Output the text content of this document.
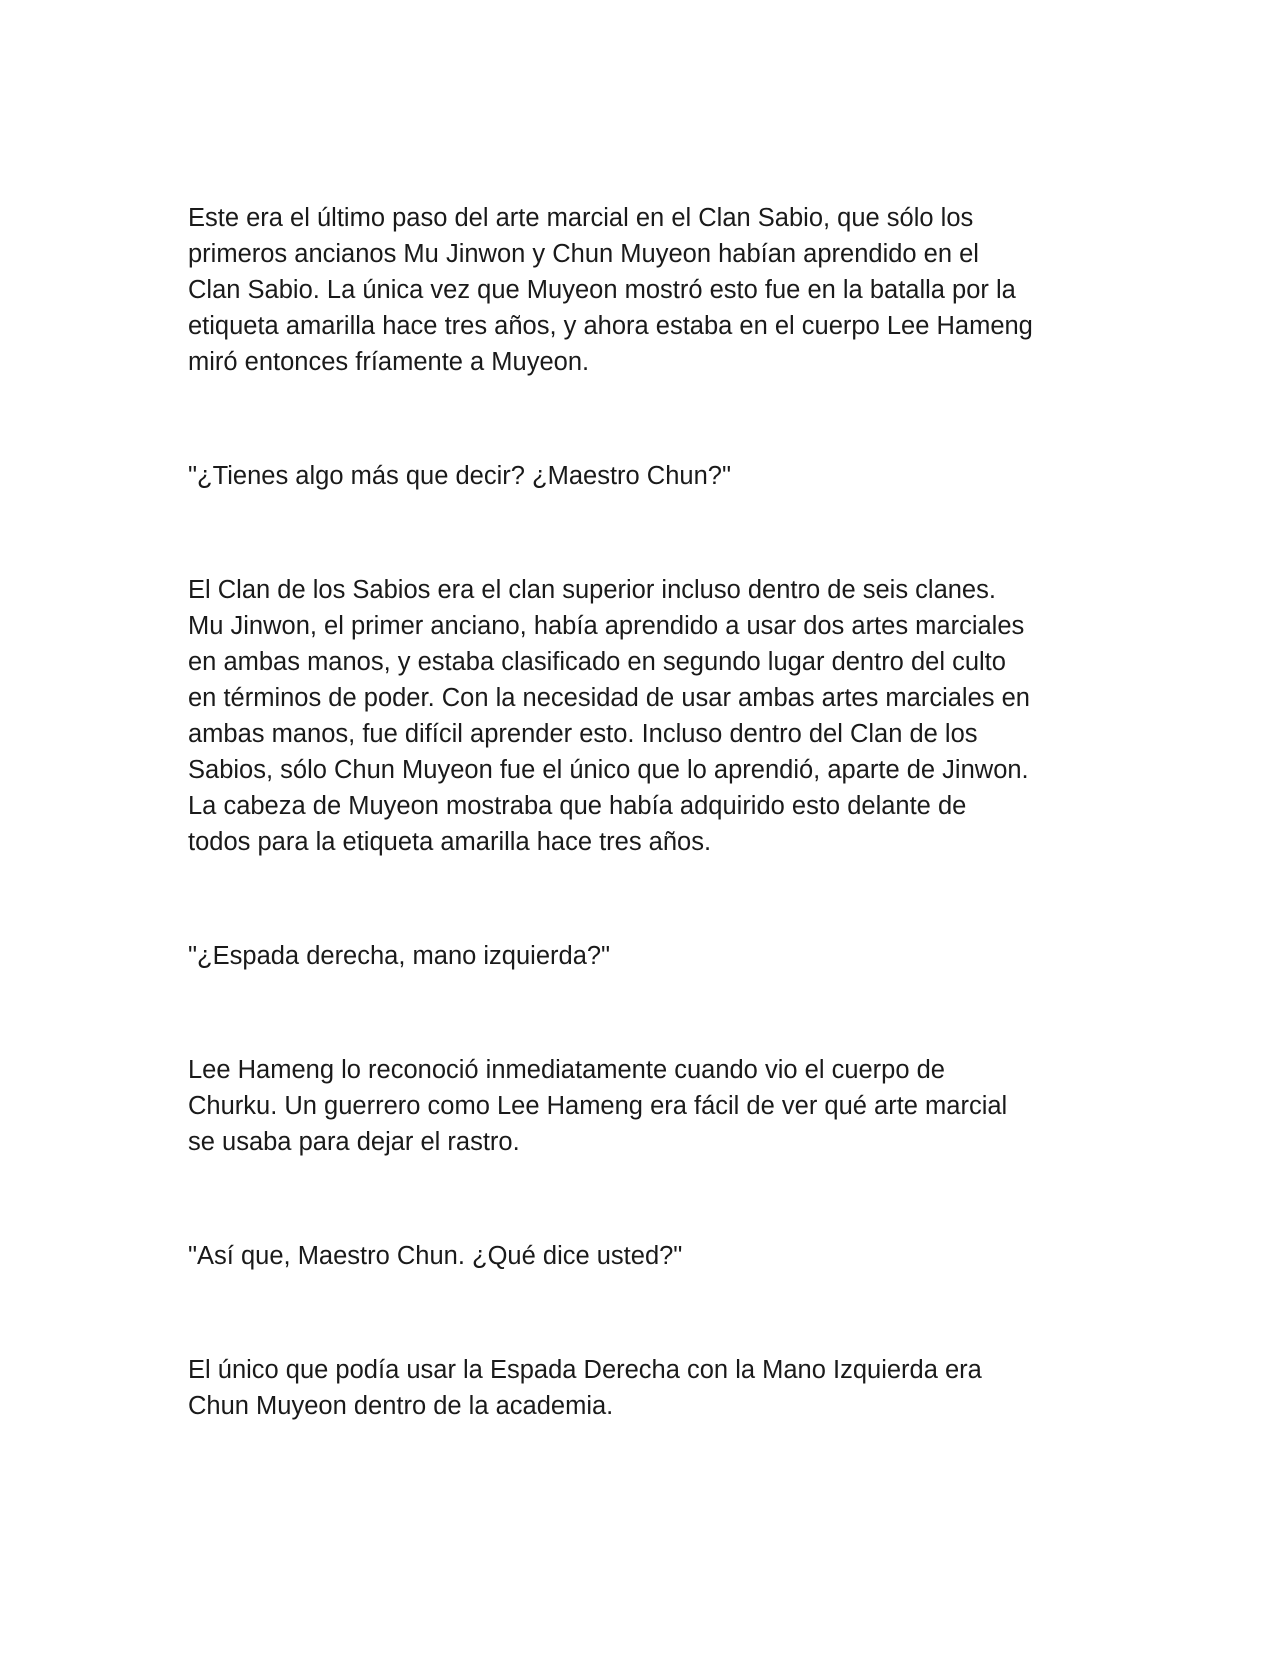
Este era el último paso del arte marcial en el Clan Sabio, que sólo los
primeros ancianos Mu Jinwon y Chun Muyeon habían aprendido en el
Clan Sabio. La única vez que Muyeon mostró esto fue en la batalla por la
etiqueta amarilla hace tres años, y ahora estaba en el cuerpo Lee Hameng
miró entonces fríamente a Muyeon.

"¿Tienes algo más que decir? ¿Maestro Chun?"

El Clan de los Sabios era el clan superior incluso dentro de seis clanes.
Mu Jinwon, el primer anciano, había aprendido a usar dos artes marciales
en ambas manos, y estaba clasificado en segundo lugar dentro del culto
en términos de poder. Con la necesidad de usar ambas artes marciales en
ambas manos, fue difícil aprender esto. Incluso dentro del Clan de los
Sabios, sólo Chun Muyeon fue el único que lo aprendió, aparte de Jinwon.
La cabeza de Muyeon mostraba que había adquirido esto delante de
todos para la etiqueta amarilla hace tres años.

"¿Espada derecha, mano izquierda?"

Lee Hameng lo reconoció inmediatamente cuando vio el cuerpo de
Churku. Un guerrero como Lee Hameng era fácil de ver qué arte marcial
se usaba para dejar el rastro.

"Así que, Maestro Chun. ¿Qué dice usted?"

El único que podía usar la Espada Derecha con la Mano Izquierda era
Chun Muyeon dentro de la academia.
